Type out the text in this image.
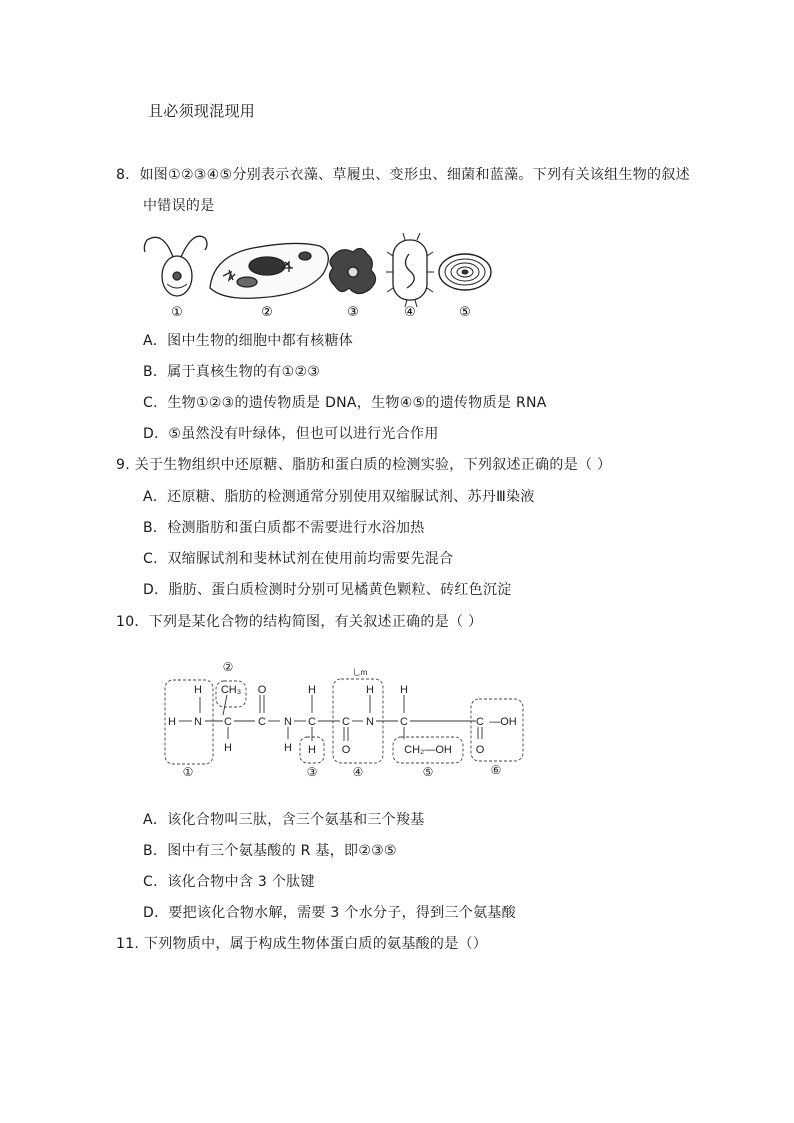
且必须现混现用
8．如图①②③④⑤分别表示衣藻、草履虫、变形虫、细菌和蓝藻。下列有关该组生物的叙述
中错误的是
①	②	③	④	⑤
A．图中生物的细胞中都有核糖体
B．属于真核生物的有①②③
C．生物①②③的遗传物质是 DNA，生物④⑤的遗传物质是 RNA
D．⑤虽然没有叶绿体，但也可以进行光合作用
9. 关于生物组织中还原糖、脂肪和蛋白质的检测实验，下列叙述正确的是（ ）
A．还原糖、脂肪的检测通常分别使用双缩脲试剂、苏丹Ⅲ染液
B．检测脂肪和蛋白质都不需要进行水浴加热
C．双缩脲试剂和斐林试剂在使用前均需要先混合
D．脂肪、蛋白质检测时分别可见橘黄色颗粒、砖红色沉淀
10．下列是某化合物的结构简图，有关叙述正确的是（ ）
H
H
N
CH₃
C
H
O
C N
H
H
C
H
C
O
H
N
H
C
CH₂—OH
C —OH
O
乚m
①
②
③	④	⑤	⑥
A．该化合物叫三肽，含三个氨基和三个羧基
B．图中有三个氨基酸的 R 基，即②③⑤
C．该化合物中含 3 个肽键
D．要把该化合物水解，需要 3 个水分子，得到三个氨基酸
11. 下列物质中，属于构成生物体蛋白质的氨基酸的是（）
